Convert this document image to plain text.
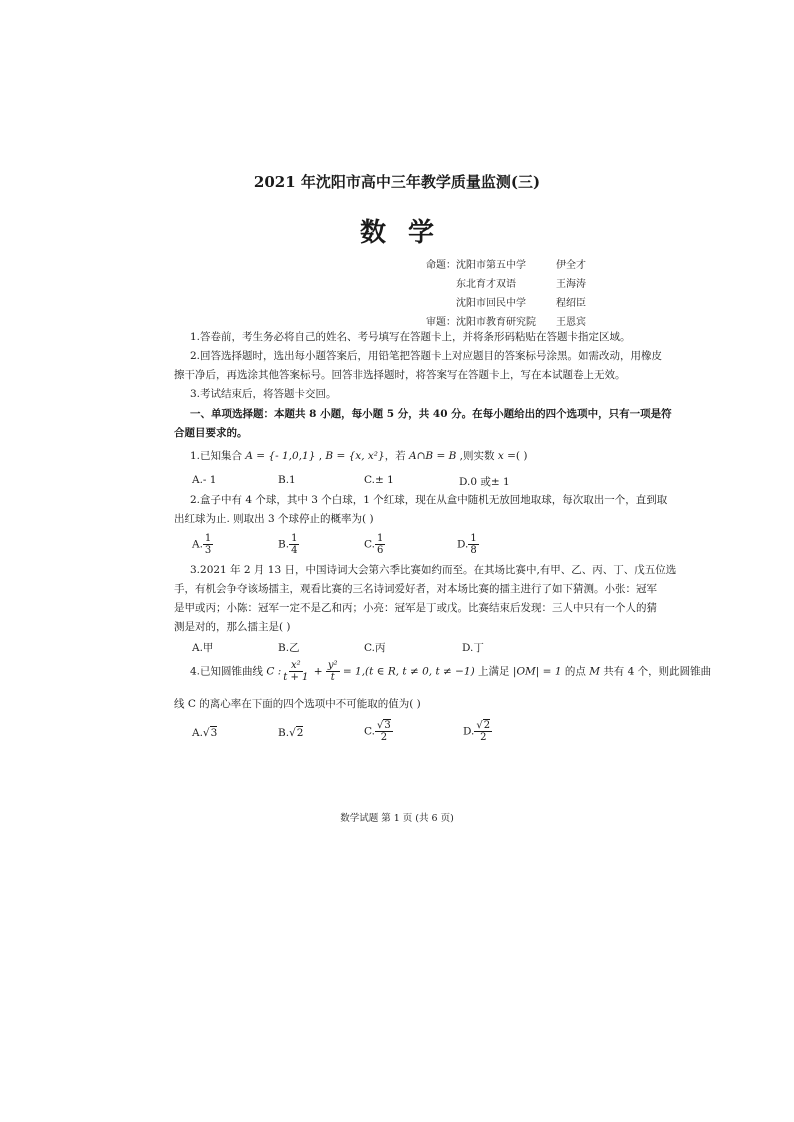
2021 年沈阳市高中三年教学质量监测(三)
数学
命题： 沈阳市第五中学	伊全才
东北育才双语	王海涛
沈阳市回民中学	程绍臣
审题： 沈阳市教育研究院 王恩宾
1.答卷前，考生务必将自己的姓名、考号填写在答题卡上，并将条形码粘贴在答题卡指定区域。
2.回答选择题时，选出每小题答案后，用铅笔把答题卡上对应题目的答案标号涂黑。如需改动，用橡皮
擦干净后，再选涂其他答案标号。回答非选择题时，将答案写在答题卡上，写在本试题卷上无效。
3.考试结束后，将答题卡交回。
一、单项选择题：本题共 8 小题，每小题 5 分，共 40 分。在每小题给出的四个选项中，只有一项是符
合题目要求的。
1.已知集合 A = {- 1,0,1} , B = {x, x²}，若 A∩B = B ,则实数 x =( )
A.- 1	B.1	C.± 1	D.0 或± 1
2.盒子中有 4 个球，其中 3 个白球，1 个红球，现在从盒中随机无放回地取球，每次取出一个，直到取
出红球为止. 则取出 3 个球停止的概率为( )
A. $\frac{1}{3}$	B. $\frac{1}{4}$	C. $\frac{1}{6}$	D. $\frac{1}{8}$
3.2021 年 2 月 13 日，中国诗词大会第六季比赛如约而至。在其场比赛中,有甲、乙、丙、丁、戊五位选
手，有机会争夺该场擂主，观看比赛的三名诗词爱好者，对本场比赛的擂主进行了如下猜测。小张：冠军
是甲或丙；小陈：冠军一定不是乙和丙；小亮：冠军是丁或戊。比赛结束后发现：三人中只有一个人的猜
测是对的，那么擂主是( )
A.甲	B.乙	C.丙	D.丁
4.已知圆锥曲线 C : $\frac{\text{x²}}{t + 1} + \frac{\text{y²}}{t} = 1,(t$ ∈ R, t ≠ 0, t ≠ −1) 上满足 |OM| = 1 的点 M 共有 4 个，则此圆锥曲
线 C 的离心率在下面的四个选项中不可能取的值为( )
A.√3	B.√2	C. $\frac{√3}{2}$	D. $\frac{√2}{2}$
数学试题 第 1 页 (共 6 页)
